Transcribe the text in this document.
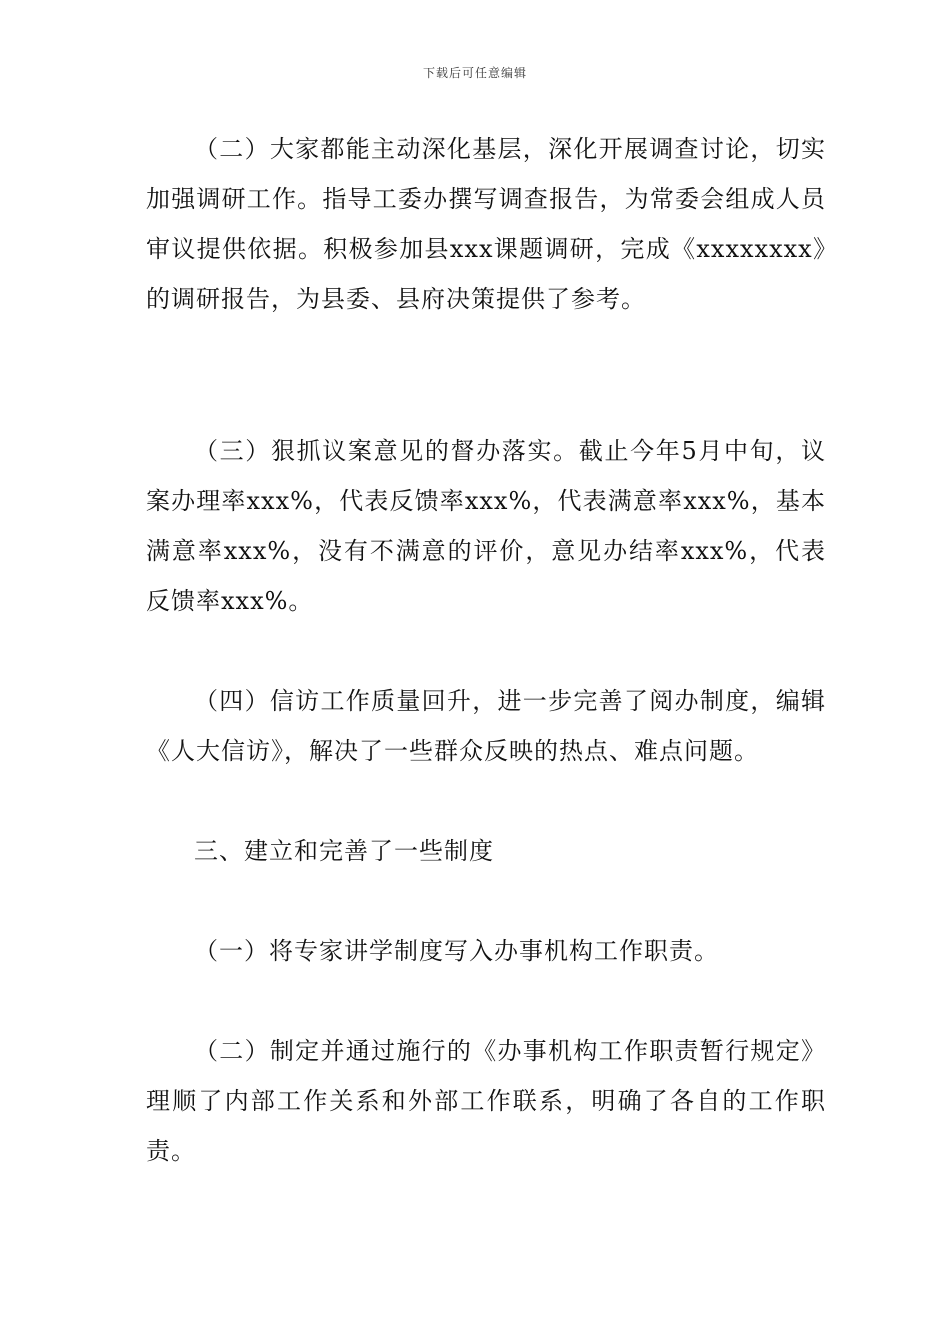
下载后可任意编辑

（二）大家都能主动深化基层，深化开展调查讨论，切实加强调研工作。指导工委办撰写调查报告，为常委会组成人员审议提供依据。积极参加县xxx课题调研，完成《xxxxxxxx》的调研报告，为县委、县府决策提供了参考。

（三）狠抓议案意见的督办落实。截止今年5月中旬，议案办理率xxx%，代表反馈率xxx%，代表满意率xxx%，基本满意率xxx%，没有不满意的评价，意见办结率xxx%，代表反馈率xxx%。

（四）信访工作质量回升，进一步完善了阅办制度，编辑《人大信访》，解决了一些群众反映的热点、难点问题。

三、建立和完善了一些制度

（一）将专家讲学制度写入办事机构工作职责。

（二）制定并通过施行的《办事机构工作职责暂行规定》理顺了内部工作关系和外部工作联系，明确了各自的工作职责。
